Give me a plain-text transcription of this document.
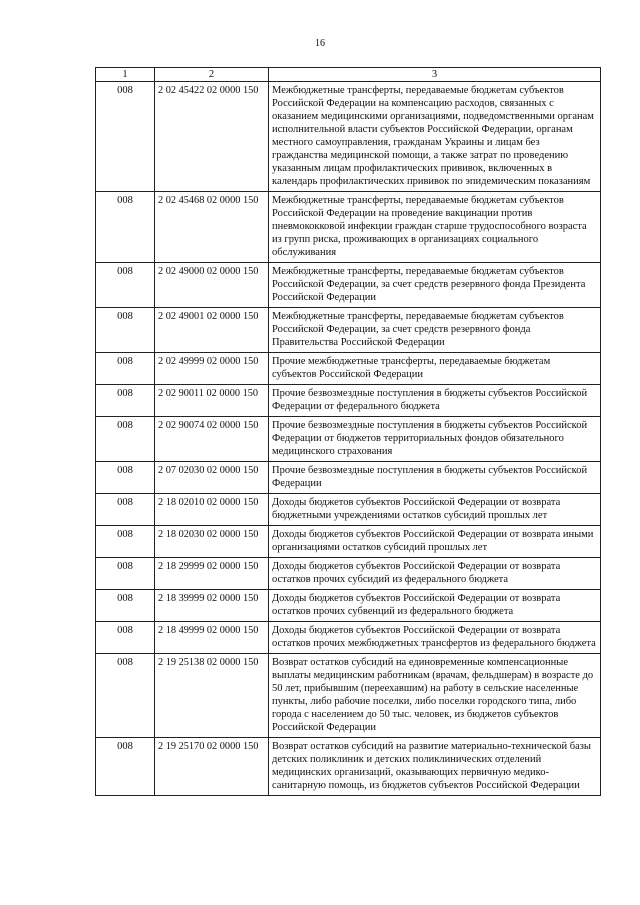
16
1	2	3
008	2 02 45422 02 0000 150	Межбюджетные трансферты, передаваемые бюджетам субъектов Российской Федерации на компенсацию расходов, связанных с оказанием медицинскими организациями, подведомственными органам исполнительной власти субъектов Российской Федерации, органам местного самоуправления, гражданам Украины и лицам без гражданства медицинской помощи, а также затрат по проведению указанным лицам профилактических прививок, включенных в календарь профилактических прививок по эпидемическим показаниям
008	2 02 45468 02 0000 150	Межбюджетные трансферты, передаваемые бюджетам субъектов Российской Федерации на проведение вакцинации против пневмококковой инфекции граждан старше трудоспособного возраста из групп риска, проживающих в организациях социального обслуживания
008	2 02 49000 02 0000 150	Межбюджетные трансферты, передаваемые бюджетам субъектов Российской Федерации, за счет средств резервного фонда Президента Российской Федерации
008	2 02 49001 02 0000 150	Межбюджетные трансферты, передаваемые бюджетам субъектов Российской Федерации, за счет средств резервного фонда Правительства Российской Федерации
008	2 02 49999 02 0000 150	Прочие межбюджетные трансферты, передаваемые бюджетам субъектов Российской Федерации
008	2 02 90011 02 0000 150	Прочие безвозмездные поступления в бюджеты субъектов Российской Федерации от федерального бюджета
008	2 02 90074 02 0000 150	Прочие безвозмездные поступления в бюджеты субъектов Российской Федерации от бюджетов территориальных фондов обязательного медицинского страхования
008	2 07 02030 02 0000 150	Прочие безвозмездные поступления в бюджеты субъектов Российской Федерации
008	2 18 02010 02 0000 150	Доходы бюджетов субъектов Российской Федерации от возврата бюджетными учреждениями остатков субсидий прошлых лет
008	2 18 02030 02 0000 150	Доходы бюджетов субъектов Российской Федерации от возврата иными организациями остатков субсидий прошлых лет
008	2 18 29999 02 0000 150	Доходы бюджетов субъектов Российской Федерации от возврата остатков прочих субсидий из федерального бюджета
008	2 18 39999 02 0000 150	Доходы бюджетов субъектов Российской Федерации от возврата остатков прочих субвенций из федерального бюджета
008	2 18 49999 02 0000 150	Доходы бюджетов субъектов Российской Федерации от возврата остатков прочих межбюджетных трансфертов из федерального бюджета
008	2 19 25138 02 0000 150	Возврат остатков субсидий на единовременные компенсационные выплаты медицинским работникам (врачам, фельдшерам) в возрасте до 50 лет, прибывшим (переехавшим) на работу в сельские населенные пункты, либо рабочие поселки, либо поселки городского типа, либо города с населением до 50 тыс. человек, из бюджетов субъектов Российской Федерации
008	2 19 25170 02 0000 150	Возврат остатков субсидий на развитие материально-технической базы детских поликлиник и детских поликлинических отделений медицинских организаций, оказывающих первичную медико-санитарную помощь, из бюджетов субъектов Российской Федерации
